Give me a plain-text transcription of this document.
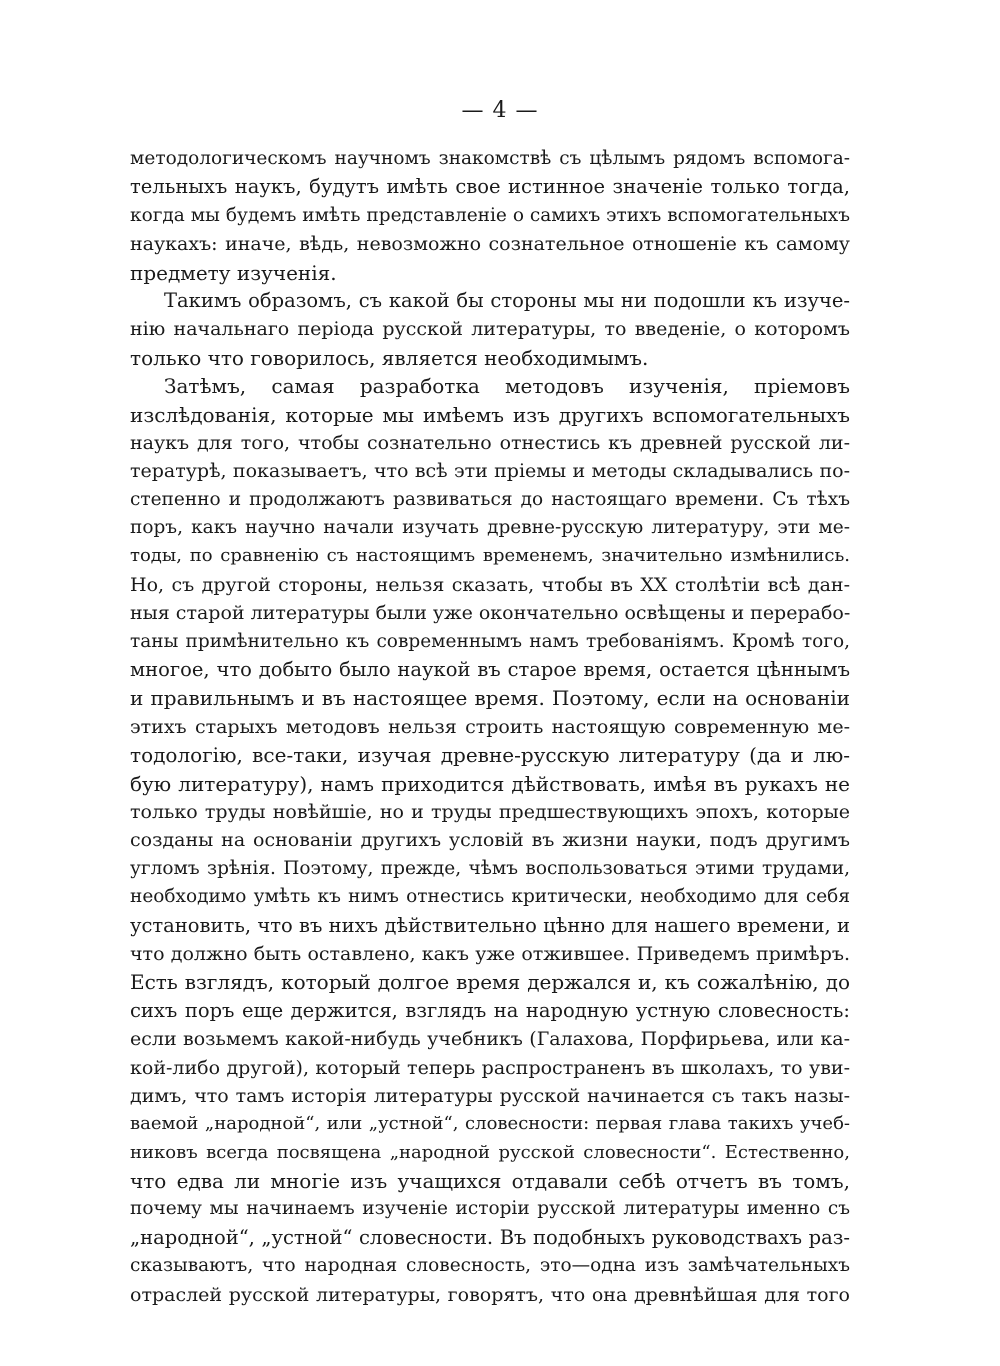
— 4 —
методологическомъ научномъ знакомствѣ съ цѣлымъ рядомъ вспомога-
тельныхъ наукъ, будутъ имѣть свое истинное значенiе только тогда,
когда мы будемъ имѣть представленiе о самихъ этихъ вспомогательныхъ
наукахъ: иначе, вѣдь, невозможно сознательное отношенiе къ самому
предмету изученiя.
Такимъ образомъ, съ какой бы стороны мы ни подошли къ изуче-
нiю начальнаго перiода русской литературы, то введенiе, о которомъ
только что говорилось, является необходимымъ.
Затѣмъ, самая разработка методовъ изученiя, прiемовъ
изслѣдованiя, которые мы имѣемъ изъ другихъ вспомогательныхъ
наукъ для того, чтобы сознательно отнестись къ древней русской ли-
тературѣ, показываетъ, что всѣ эти прiемы и методы складывались по-
степенно и продолжаютъ развиваться до настоящаго времени. Съ тѣхъ
поръ, какъ научно начали изучать древне-русскую литературу, эти ме-
тоды, по сравненiю съ настоящимъ временемъ, значительно измѣнились.
Но, съ другой стороны, нельзя сказать, чтобы въ XX столѣтiи всѣ дан-
ныя старой литературы были уже окончательно освѣщены и перерабо-
таны примѣнительно къ современнымъ намъ требованiямъ. Кромѣ того,
многое, что добыто было наукой въ старое время, остается цѣннымъ
и правильнымъ и въ настоящее время. Поэтому, если на основанiи
этихъ старыхъ методовъ нельзя строить настоящую современную ме-
тодологiю, все-таки, изучая древне-русскую литературу (да и лю-
бую литературу), намъ приходится дѣйствовать, имѣя въ рукахъ не
только труды новѣйшiе, но и труды предшествующихъ эпохъ, которые
созданы на основанiи другихъ условiй въ жизни науки, подъ другимъ
угломъ зрѣнiя. Поэтому, прежде, чѣмъ воспользоваться этими трудами,
необходимо умѣть къ нимъ отнестись критически, необходимо для себя
установить, что въ нихъ дѣйствительно цѣнно для нашего времени, и
что должно быть оставлено, какъ уже отжившее. Приведемъ примѣръ.
Есть взглядъ, который долгое время держался и, къ сожалѣнiю, до
сихъ поръ еще держится, взглядъ на народную устную словесность:
если возьмемъ какой-нибудь учебникъ (Галахова, Порфирьева, или ка-
кой-либо другой), который теперь распространенъ въ школахъ, то уви-
димъ, что тамъ исторiя литературы русской начинается съ такъ назы-
ваемой „народной“, или „устной“, словесности: первая глава такихъ учеб-
никовъ всегда посвящена „народной русской словесности“. Естественно,
что едва ли многiе изъ учащихся отдавали себѣ отчетъ въ томъ,
почему мы начинаемъ изученiе исторiи русской литературы именно съ
„народной“, „устной“ словесности. Въ подобныхъ руководствахъ раз-
сказываютъ, что народная словесность, это—одна изъ замѣчательныхъ
отраслей русской литературы, говорятъ, что она древнѣйшая для того
